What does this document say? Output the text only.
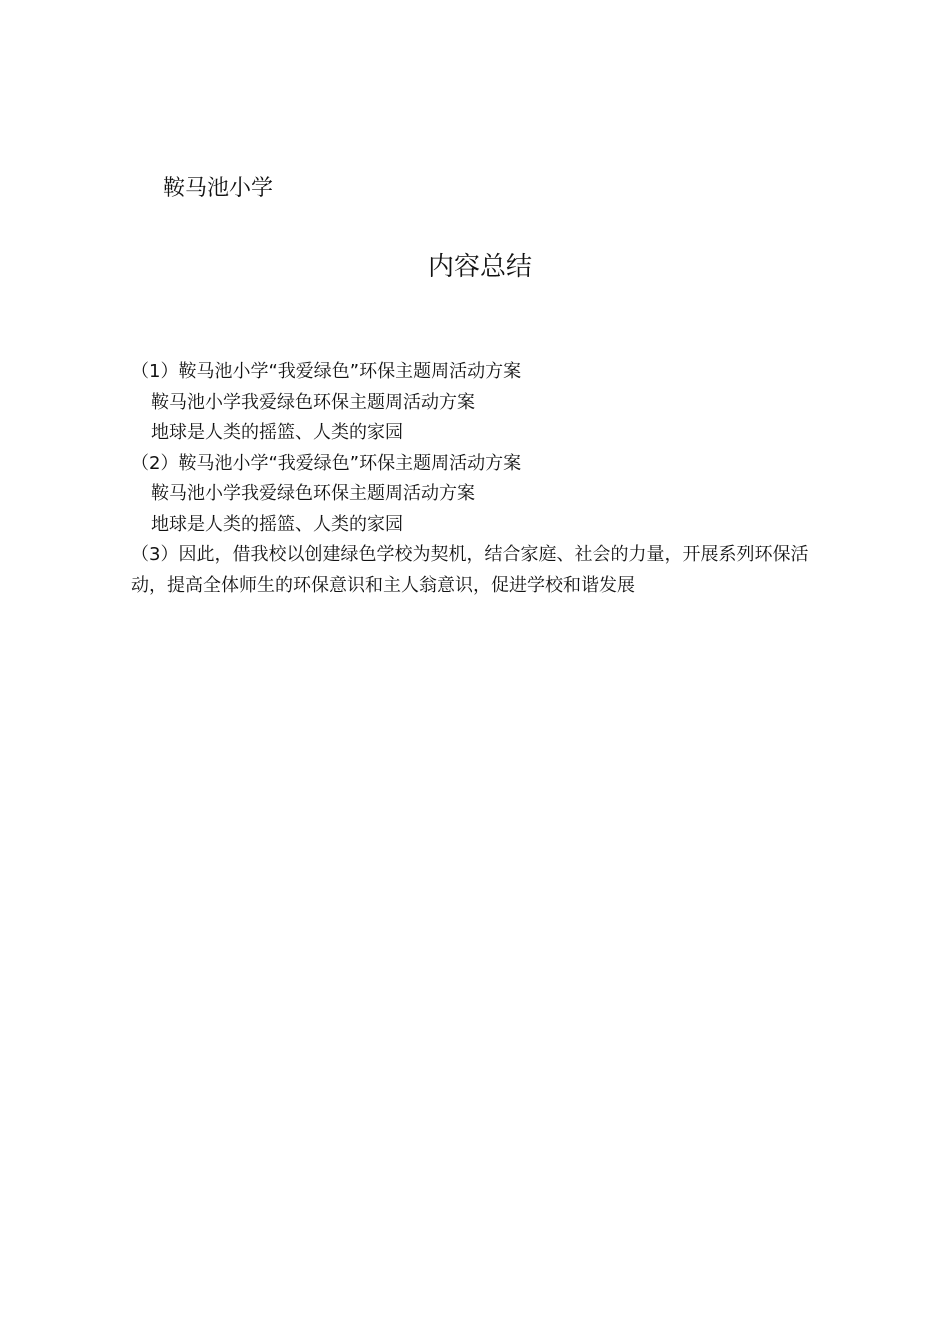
鞍马池小学
内容总结
（1）鞍马池小学“我爱绿色”环保主题周活动方案
鞍马池小学我爱绿色环保主题周活动方案
地球是人类的摇篮、人类的家园
（2）鞍马池小学“我爱绿色”环保主题周活动方案
鞍马池小学我爱绿色环保主题周活动方案
地球是人类的摇篮、人类的家园
（3）因此，借我校以创建绿色学校为契机，结合家庭、社会的力量，开展系列环保活动，提高全体师生的环保意识和主人翁意识，促进学校和谐发展
